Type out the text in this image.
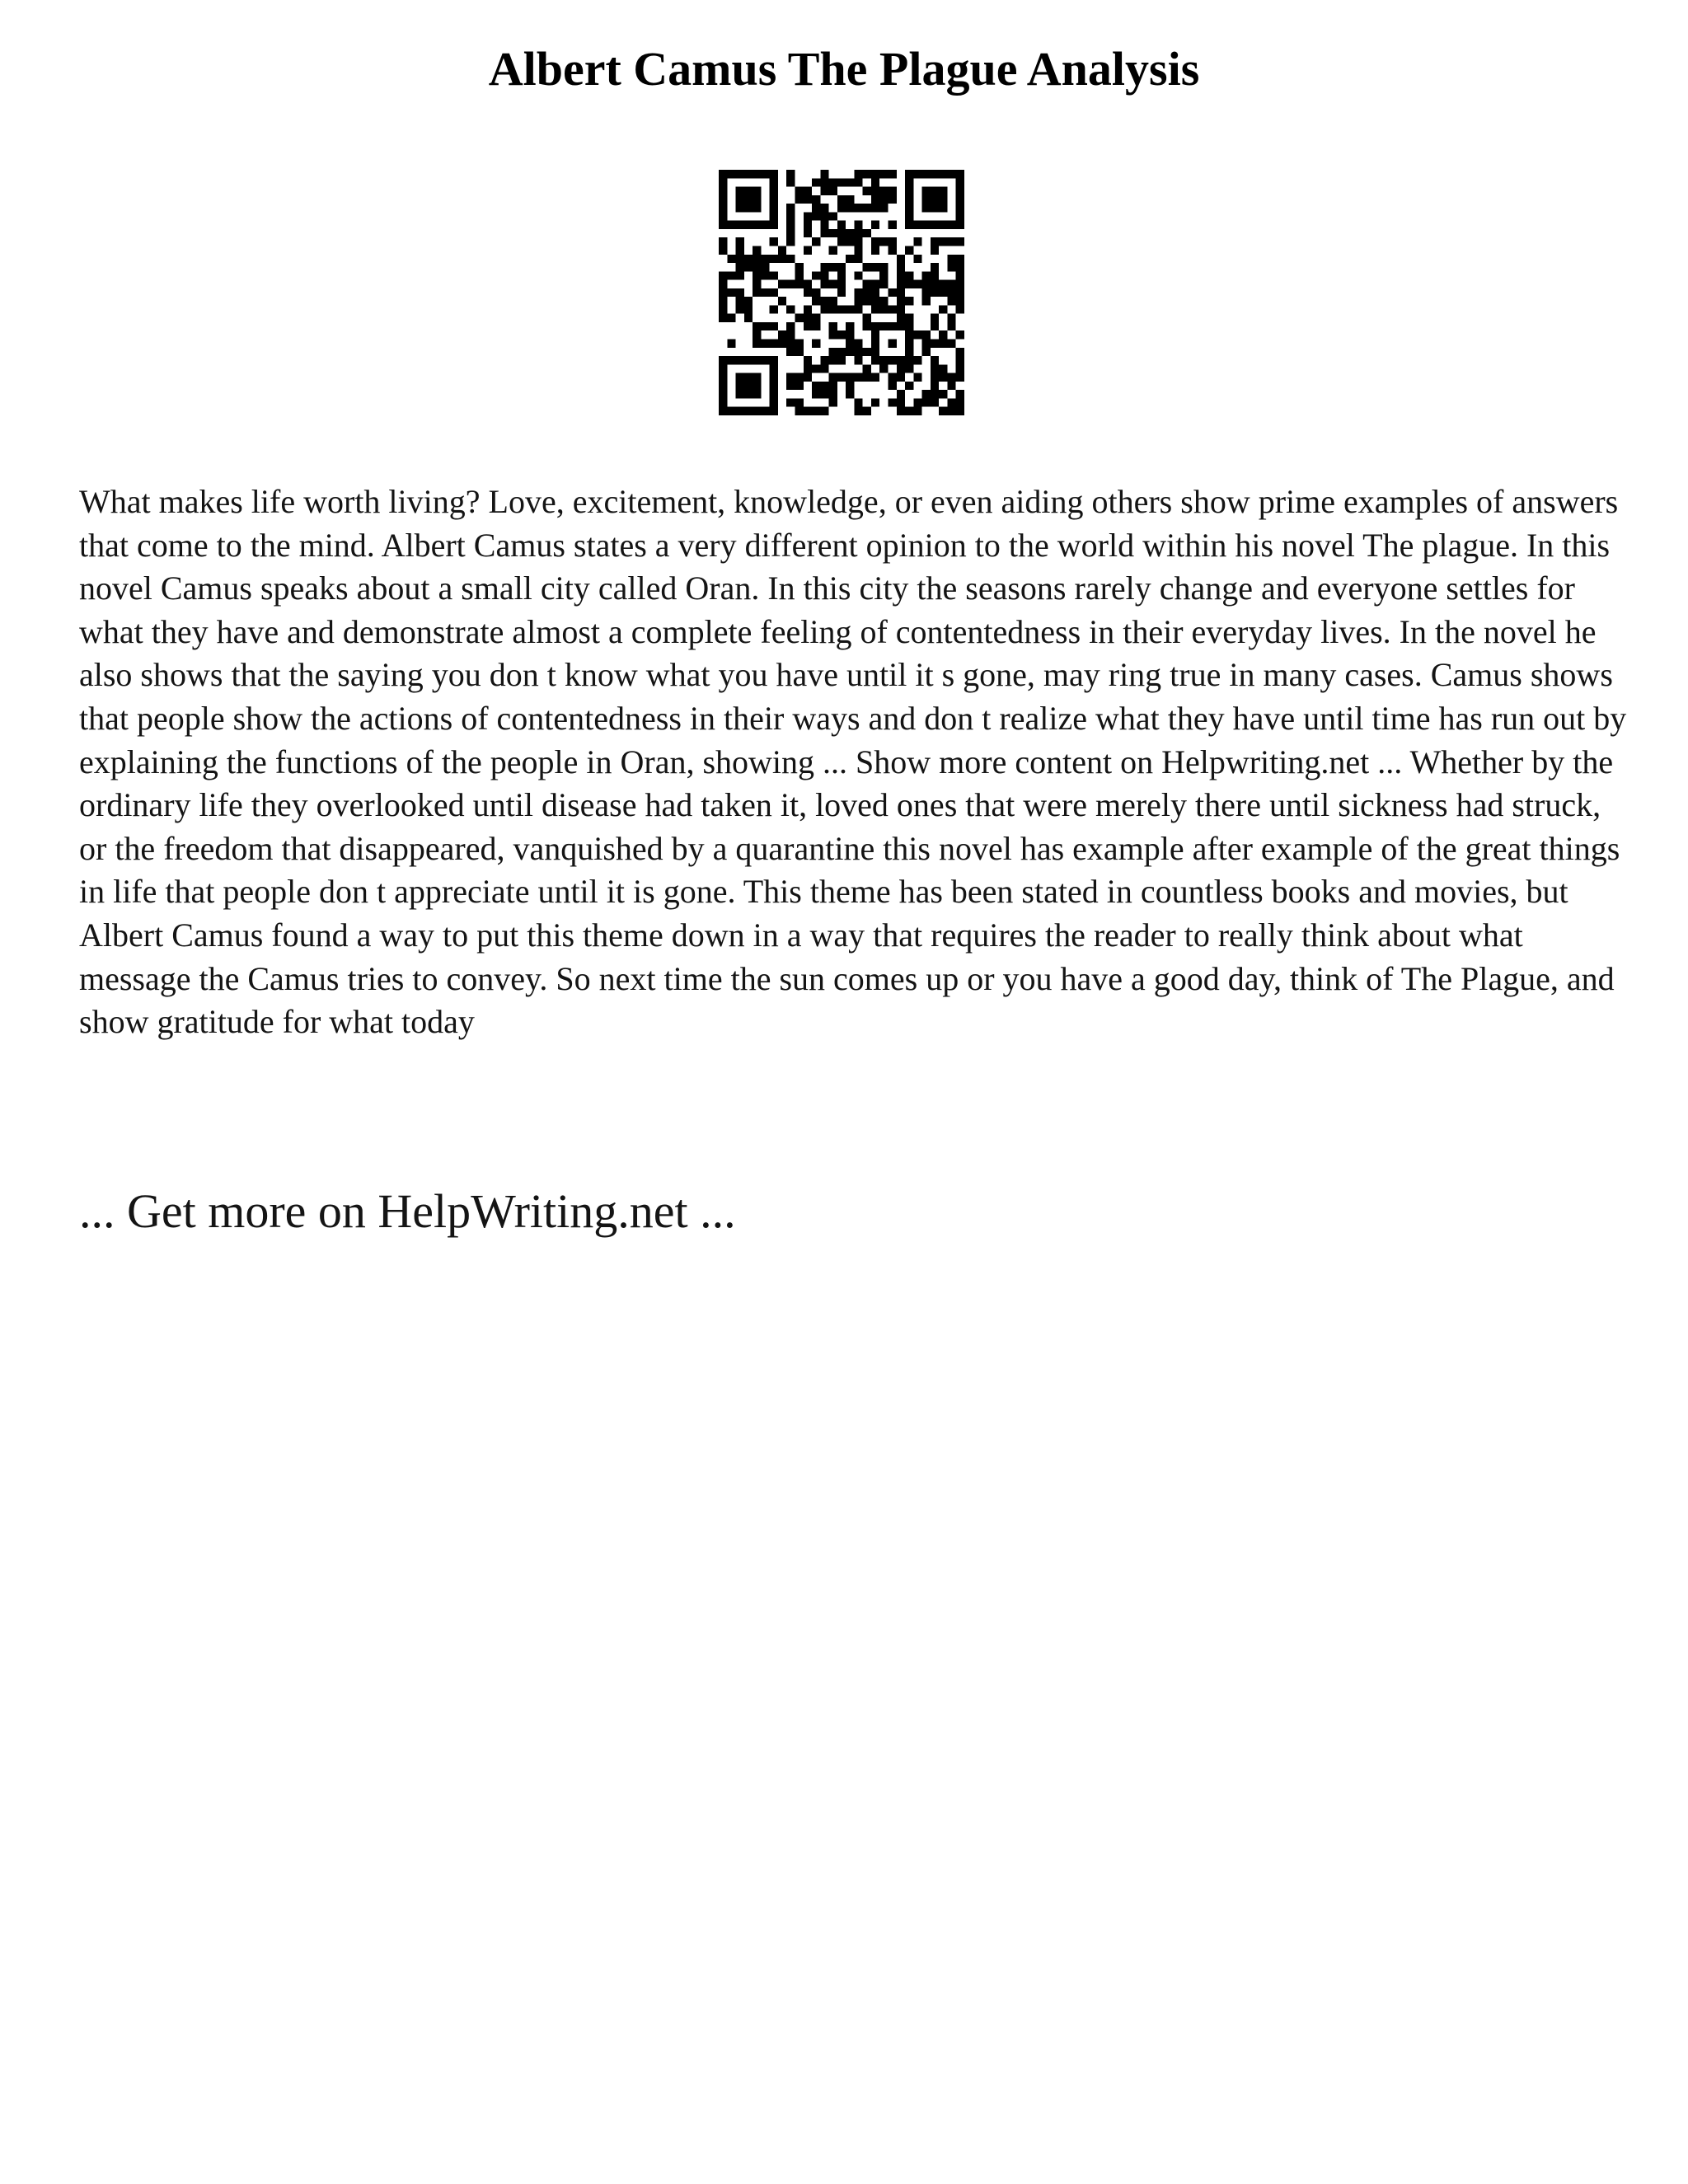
Albert Camus The Plague Analysis

What makes life worth living? Love, excitement, knowledge, or even aiding others show prime examples of answers that come to the mind. Albert Camus states a very different opinion to the world within his novel The plague. In this novel Camus speaks about a small city called Oran. In this city the seasons rarely change and everyone settles for what they have and demonstrate almost a complete feeling of contentedness in their everyday lives. In the novel he also shows that the saying you don t know what you have until it s gone, may ring true in many cases. Camus shows that people show the actions of contentedness in their ways and don t realize what they have until time has run out by explaining the functions of the people in Oran, showing ... Show more content on Helpwriting.net ... Whether by the ordinary life they overlooked until disease had taken it, loved ones that were merely there until sickness had struck, or the freedom that disappeared, vanquished by a quarantine this novel has example after example of the great things in life that people don t appreciate until it is gone. This theme has been stated in countless books and movies, but Albert Camus found a way to put this theme down in a way that requires the reader to really think about what message the Camus tries to convey. So next time the sun comes up or you have a good day, think of The Plague, and show gratitude for what today

... Get more on HelpWriting.net ...
